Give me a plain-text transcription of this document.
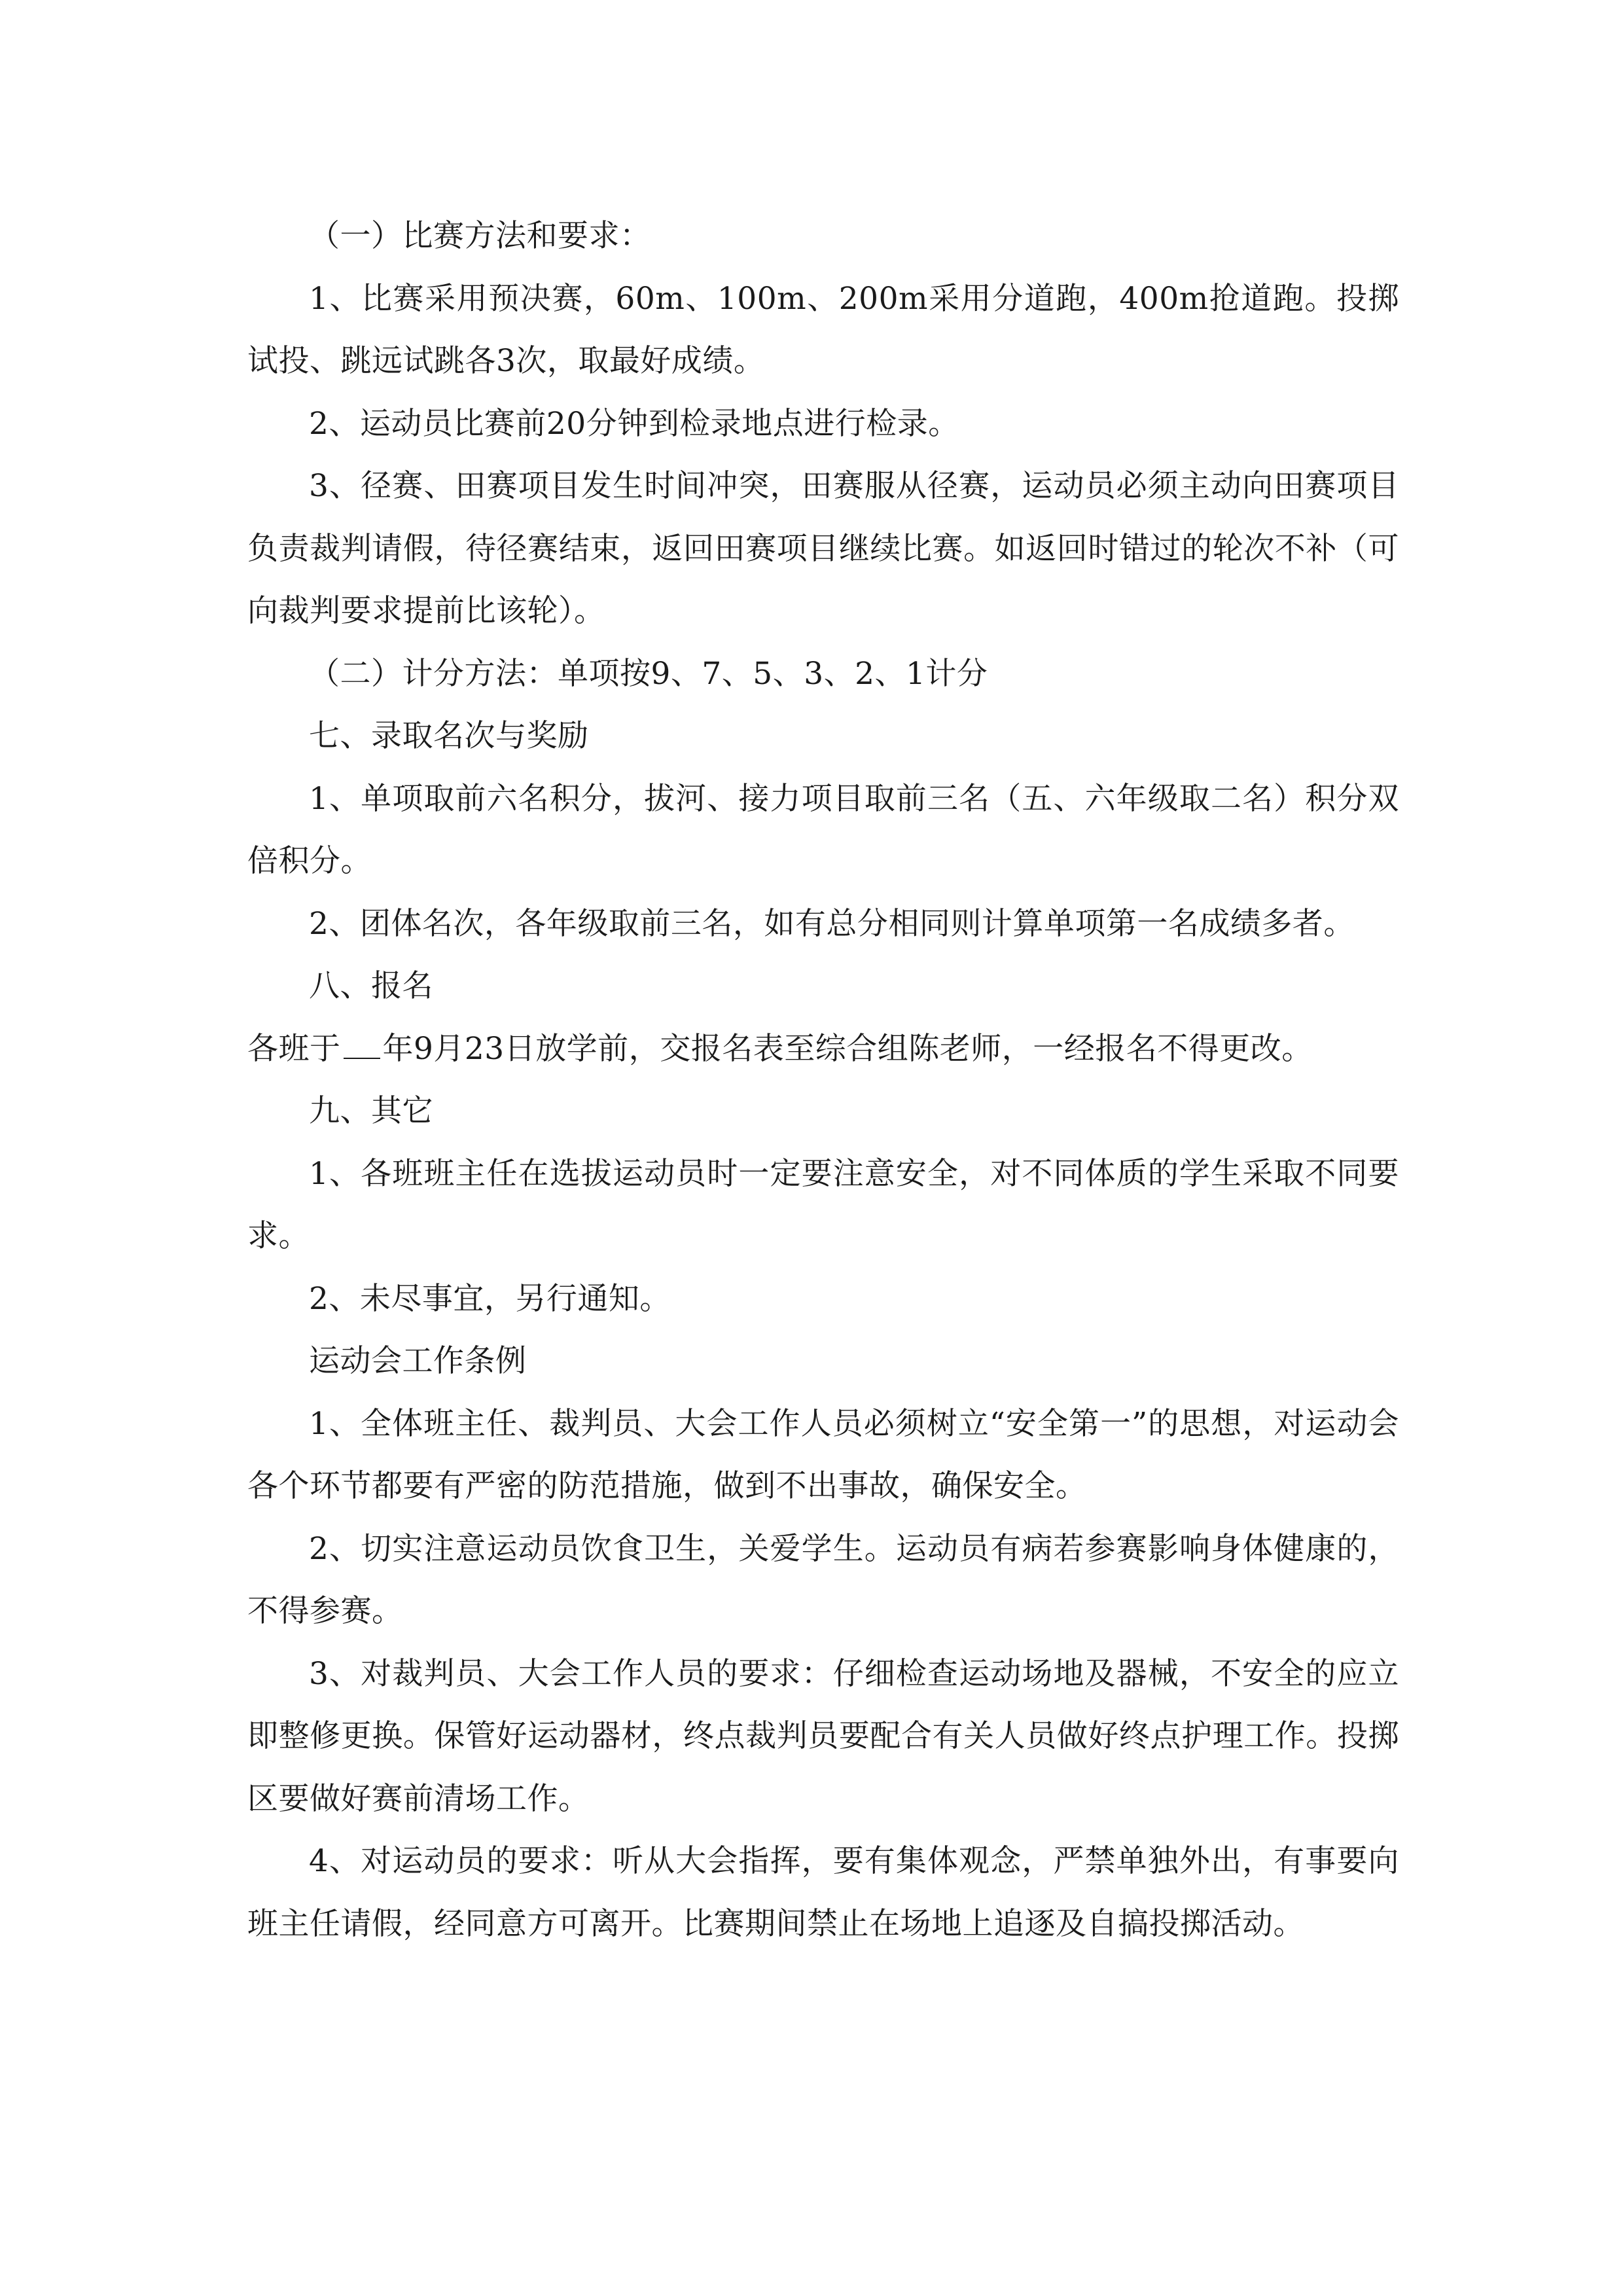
（一）比赛方法和要求：

1、比赛采用预决赛，60m、100m、200m采用分道跑，400m抢道跑。投掷试投、跳远试跳各3次，取最好成绩。

2、运动员比赛前20分钟到检录地点进行检录。

3、径赛、田赛项目发生时间冲突，田赛服从径赛，运动员必须主动向田赛项目负责裁判请假，待径赛结束，返回田赛项目继续比赛。如返回时错过的轮次不补（可向裁判要求提前比该轮）。

（二）计分方法：单项按9、7、5、3、2、1计分

七、录取名次与奖励

1、单项取前六名积分，拔河、接力项目取前三名（五、六年级取二名）积分双倍积分。

2、团体名次，各年级取前三名，如有总分相同则计算单项第一名成绩多者。

八、报名

各班于 年9月23日放学前，交报名表至综合组陈老师，一经报名不得更改。

九、其它

1、各班班主任在选拔运动员时一定要注意安全，对不同体质的学生采取不同要求。

2、未尽事宜，另行通知。

运动会工作条例

1、全体班主任、裁判员、大会工作人员必须树立“安全第一”的思想，对运动会各个环节都要有严密的防范措施，做到不出事故，确保安全。

2、切实注意运动员饮食卫生，关爱学生。运动员有病若参赛影响身体健康的，不得参赛。

3、对裁判员、大会工作人员的要求：仔细检查运动场地及器械，不安全的应立即整修更换。保管好运动器材，终点裁判员要配合有关人员做好终点护理工作。投掷区要做好赛前清场工作。

4、对运动员的要求：听从大会指挥，要有集体观念，严禁单独外出，有事要向班主任请假，经同意方可离开。比赛期间禁止在场地上追逐及自搞投掷活动。
